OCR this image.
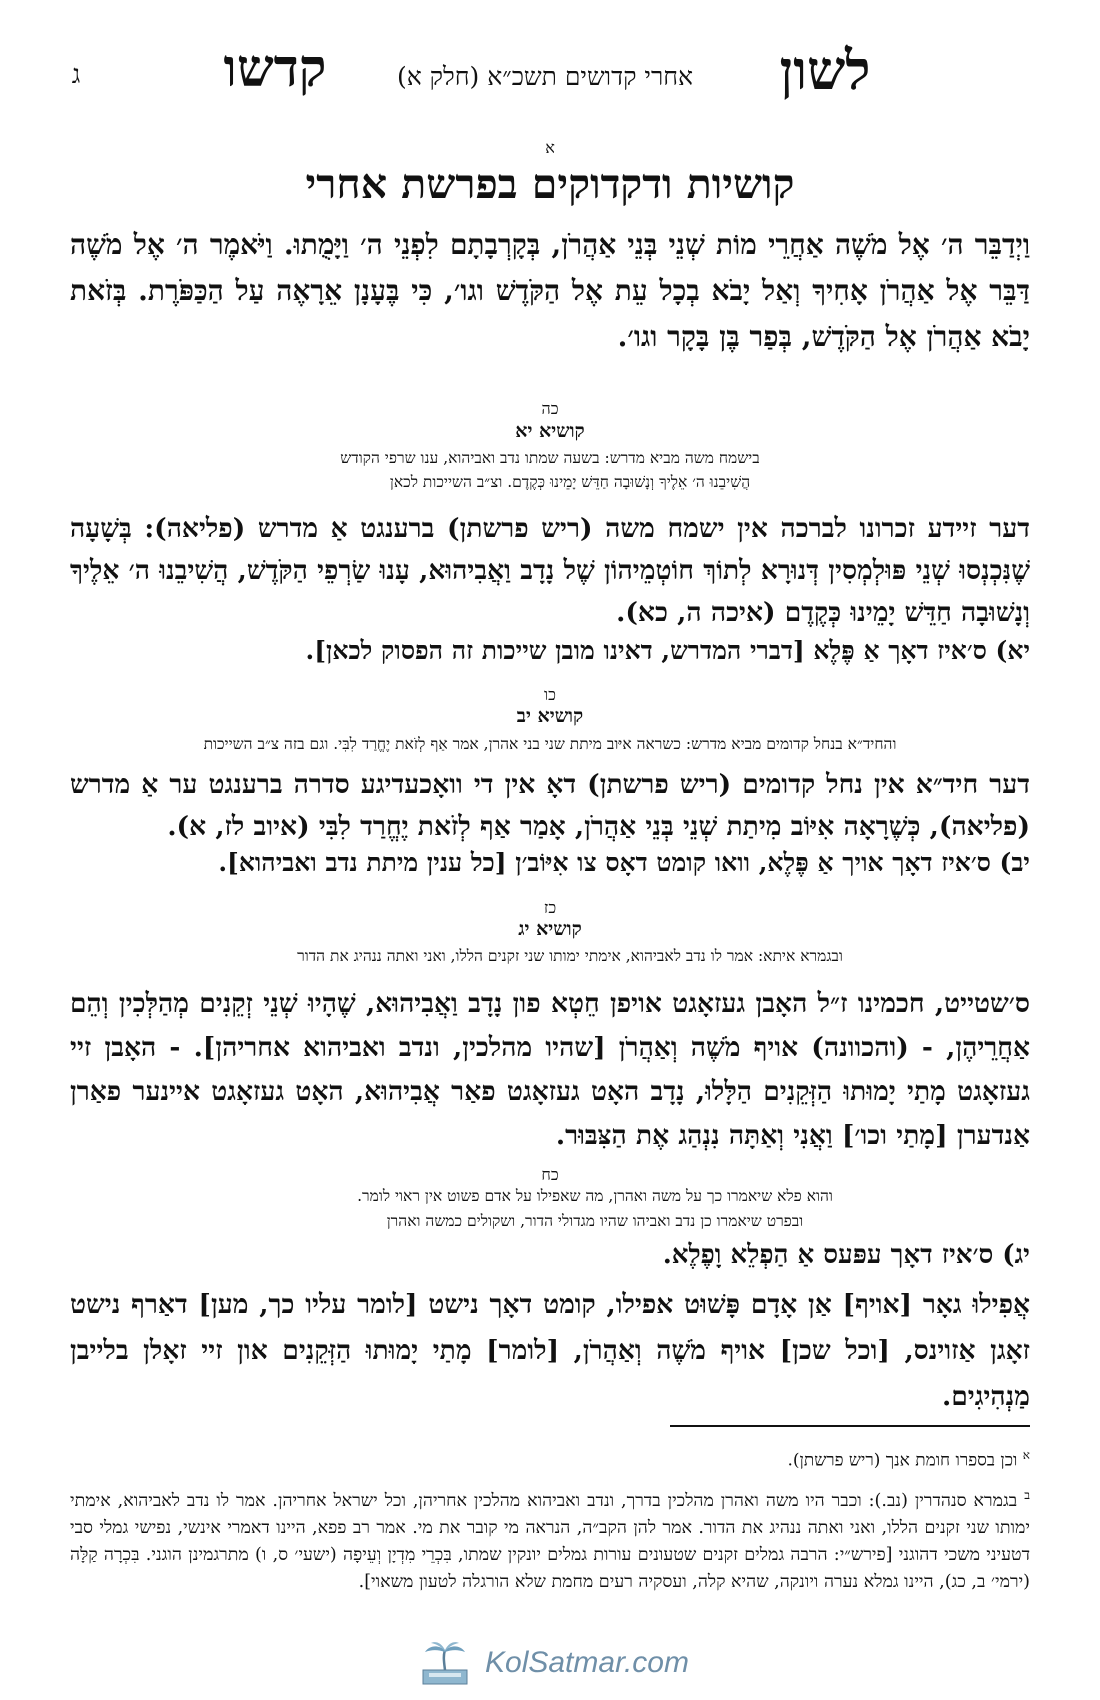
לשון
אחרי קדושים תשכ״א (חלק א)
קדשו
ג
א
קושיות ודקדוקים בפרשת אחרי
וַיְדַבֵּר ה׳ אֶל מֹשֶׁה אַחֲרֵי מוֹת שְׁנֵי בְּנֵי אַהֲרֹן, בְּקָרְבָתָם לִפְנֵי ה׳ וַיָּמֻתוּ. וַיֹּאמֶר ה׳ אֶל מֹשֶׁה דַּבֵּר אֶל אַהֲרֹן אָחִיךָ וְאַל יָבֹא בְכָל עֵת אֶל הַקֹּדֶשׁ וגו׳, כִּי בֶּעָנָן אֵרָאֶה עַל הַכַּפֹּרֶת. בְּזֹאת יָבֹא אַהֲרֹן אֶל הַקֹּדֶשׁ, בְּפַר בֶּן בָּקָר וגו׳.
כה
קושיא יא
בישמח משה מביא מדרש: בשעה שמתו נדב ואביהוא, ענו שרפי הקודש
הֲשִׁיבֵנוּ ה׳ אֵלֶיךָ וְנָשׁוּבָה חַדֵּשׁ יָמֵינוּ כְּקֶדֶם. וצ״ב השייכות לכאן
דער זיידע זכרונו לברכה אין ישמח משה (ריש פרשתן) ברענגט אַ מדרש (פליאה): בְּשָׁעָה שֶׁנִּכְנְסוּ שְׁנֵי פּוּלְמְסִין דְּנוּרָא לְתוֹךְ חוֹטְמֵיהוֹן שֶׁל נָדָב וַאֲבִיהוּא, עָנוּ שַׂרְפֵי הַקֹּדֶשׁ, הֲשִׁיבֵנוּ ה׳ אֵלֶיךָ וְנָשׁוּבָה חַדֵּשׁ יָמֵינוּ כְּקֶדֶם (איכה ה, כא).
יא) ס׳איז דאָך אַ פֶּלֶא [דברי המדרש, דאינו מובן שייכות זה הפסוק לכאן].
כו
קושיא יב
והחיד״א בנחל קדומים מביא מדרש: כשראה איּוב מיתת שני בני אהרן, אמר אַף לְזֹאת יֶחֱרַד לִבִּי. וגם בזה צ״ב השייכות
דער חיד״א אין נחל קדומים (ריש פרשתן) דאָ אין די וואָכעדיגע סדרה ברענגט ער אַ מדרש (פליאה), כְּשֶׁרָאָה אִיּוֹב מִיתַת שְׁנֵי בְּנֵי אַהֲרֹן, אָמַר אַף לְזֹאת יֶחֱרַד לִבִּי (איוב לז, א).
יב) ס׳איז דאָך אויך אַ פֶּלֶא, וואו קומט דאָס צו אִיּוֹב׳ן [כל ענין מיתת נדב ואביהוא].
כז
קושיא יג
ובגמרא איתא: אמר לו נדב לאביהוא, אימתי ימותו שני זקנים הללו, ואני ואתה ננהיג את הדור
ס׳שטייט, חכמינו ז״ל האָבן געזאָגט אויפן חֵטְא פון נָדָב וַאֲבִיהוּא, שֶׁהָיוּ שְׁנֵי זְקֵנִים מְהַלְּכִין וְהֵם אַחֲרֵיהֶן, - (והכוונה) אויף מֹשֶׁה וְאַהֲרֹן [שהיו מהלכין, ונדב ואביהוא אחריהן]. - האָבן זיי געזאָגט מָתַי יָמוּתוּ הַזְּקֵנִים הַלָּלוּ, נָדָב האָט געזאָגט פאַר אֲבִיהוּא, האָט געזאָגט איינער פאַרן אַנדערן [מָתַי וכו׳] וַאֲנִי וְאַתָּה נִנְהַג אֶת הַצִּבּוּר.
כח
והוא פלא שיאמרו כך על משה ואהרן, מה שאפילו על אדם פשוט אין ראוי לומר.
ובפרט שיאמרו כן נדב ואביהו שהיו מגדולי הדור, ושקולים כמשה ואהרן
יג) ס׳איז דאָך עפּעס אַ הַפְלֵא וָפֶלֶא.
אֲפִילוּ גאָר [אויף] אַן אָדָם פָּשׁוּט אפילו, קומט דאָך נישט [לומר עליו כך, מען] דאַרף נישט זאָגן אַזוינס, [וכל שכן] אויף מֹשֶׁה וְאַהֲרֹן, [לומר] מָתַי יָמוּתוּ הַזְּקֵנִים און זיי זאָלן בלייבן מַנְהִיגִים.
$^א$ וכן בספרו חומת אנך (ריש פרשתן).
$^ב$ בגמרא סנהדרין (נב.): וכבר היו משה ואהרן מהלכין בדרך, ונדב ואביהוא מהלכין אחריהן, וכל ישראל אחריהן. אמר לו נדב לאביהוא, אימתי ימותו שני זקנים הללו, ואני ואתה ננהיג את הדור. אמר להן הקב״ה, הנראה מי קובר את מי. אמר רב פפא, היינו דאמרי אינשי, נפישי גמלי סבי דטעיני משכי דהוגני [פירש״י: הרבה גמלים זקנים שטעונים עורות גמלים יונקין שמתו, בִּכְרֵי מִדְיָן וְעֵיפָה (ישעי׳ ס, ו) מתרגמינן הוגני. בִּכְרָה קַלָּה (ירמי׳ ב, כג), היינו גמלא נערה ויונקה, שהיא קלה, ועסקיה רעים מחמת שלא הורגלה לטעון משאוי].
KolSatmar.com
